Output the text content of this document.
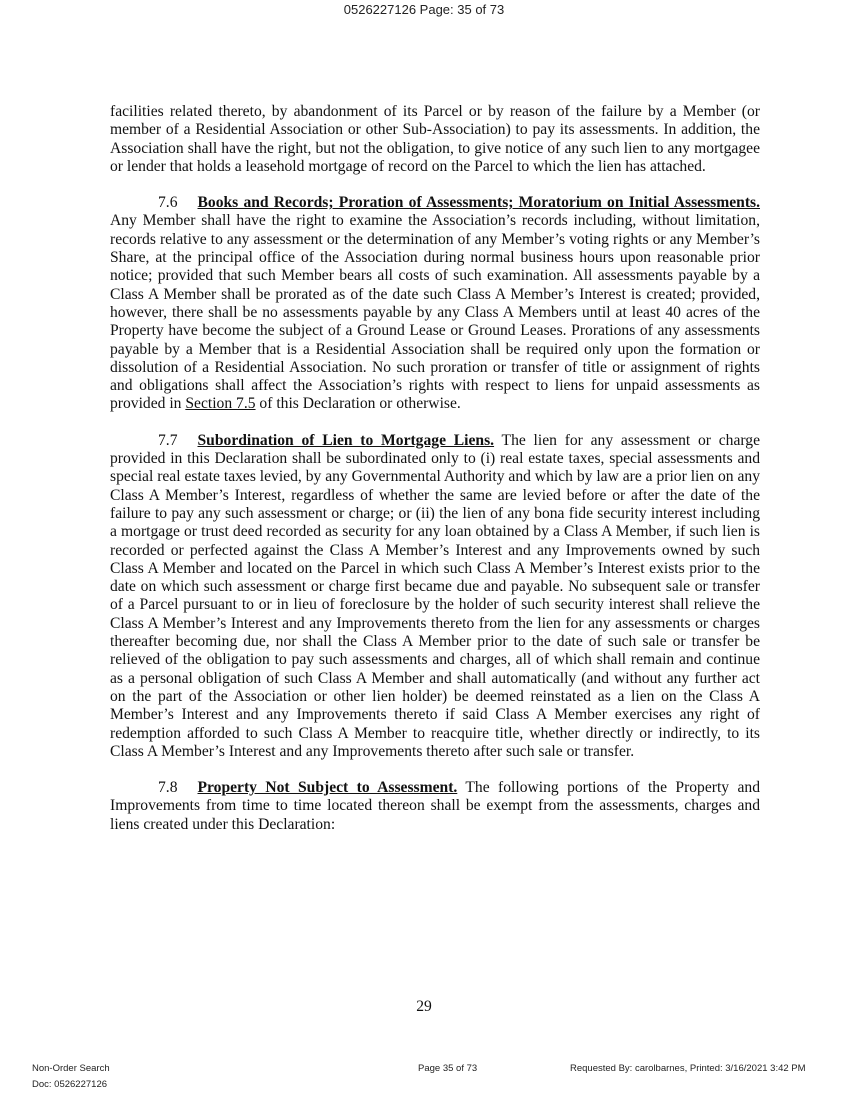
0526227126 Page: 35 of 73

facilities related thereto, by abandonment of its Parcel or by reason of the failure by a Member (or member of a Residential Association or other Sub-Association) to pay its assessments. In addition, the Association shall have the right, but not the obligation, to give notice of any such lien to any mortgagee or lender that holds a leasehold mortgage of record on the Parcel to which the lien has attached.

7.6 Books and Records; Proration of Assessments; Moratorium on Initial Assessments. Any Member shall have the right to examine the Association’s records including, without limitation, records relative to any assessment or the determination of any Member’s voting rights or any Member’s Share, at the principal office of the Association during normal business hours upon reasonable prior notice; provided that such Member bears all costs of such examination. All assessments payable by a Class A Member shall be prorated as of the date such Class A Member’s Interest is created; provided, however, there shall be no assessments payable by any Class A Members until at least 40 acres of the Property have become the subject of a Ground Lease or Ground Leases. Prorations of any assessments payable by a Member that is a Residential Association shall be required only upon the formation or dissolution of a Residential Association. No such proration or transfer of title or assignment of rights and obligations shall affect the Association’s rights with respect to liens for unpaid assessments as provided in Section 7.5 of this Declaration or otherwise.

7.7 Subordination of Lien to Mortgage Liens. The lien for any assessment or charge provided in this Declaration shall be subordinated only to (i) real estate taxes, special assessments and special real estate taxes levied, by any Governmental Authority and which by law are a prior lien on any Class A Member’s Interest, regardless of whether the same are levied before or after the date of the failure to pay any such assessment or charge; or (ii) the lien of any bona fide security interest including a mortgage or trust deed recorded as security for any loan obtained by a Class A Member, if such lien is recorded or perfected against the Class A Member’s Interest and any Improvements owned by such Class A Member and located on the Parcel in which such Class A Member’s Interest exists prior to the date on which such assessment or charge first became due and payable. No subsequent sale or transfer of a Parcel pursuant to or in lieu of foreclosure by the holder of such security interest shall relieve the Class A Member’s Interest and any Improvements thereto from the lien for any assessments or charges thereafter becoming due, nor shall the Class A Member prior to the date of such sale or transfer be relieved of the obligation to pay such assessments and charges, all of which shall remain and continue as a personal obligation of such Class A Member and shall automatically (and without any further act on the part of the Association or other lien holder) be deemed reinstated as a lien on the Class A Member’s Interest and any Improvements thereto if said Class A Member exercises any right of redemption afforded to such Class A Member to reacquire title, whether directly or indirectly, to its Class A Member’s Interest and any Improvements thereto after such sale or transfer.

7.8 Property Not Subject to Assessment. The following portions of the Property and Improvements from time to time located thereon shall be exempt from the assessments, charges and liens created under this Declaration:

29
Non-Order Search
Doc: 0526227126
Page 35 of 73	Requested By: carolbarnes, Printed: 3/16/2021 3:42 PM
